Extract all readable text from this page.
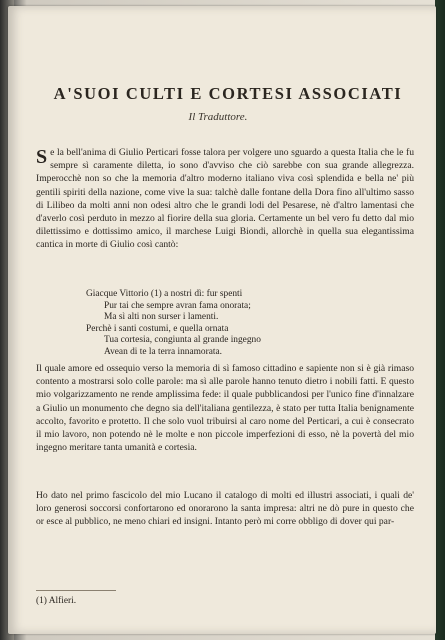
A'SUOI CULTI E CORTESI ASSOCIATI
Il Traduttore.

Se la bell'anima di Giulio Perticari fosse talora per volgere uno sguardo a questa Italia che le fu sempre sì caramente diletta, io sono d'avviso che ciò sarebbe con sua grande allegrezza. Imperocchè non so che la memoria d'altro moderno italiano viva così splendida e bella ne' più gentili spiriti della nazione, come vive la sua: talchè dalle fontane della Dora fino all'ultimo sasso di Lilibeo da molti anni non odesi altro che le grandi lodi del Pesarese, nè d'altro lamentasi che d'averlo così perduto in mezzo al fiorire della sua gloria. Certamente un bel vero fu detto dal mio dilettissimo e dottissimo amico, il marchese Luigi Biondi, allorchè in quella sua elegantissima cantica in morte di Giulio così cantò:

Giacque Vittorio (1) a nostri dì: fur spenti
Pur tai che sempre avran fama onorata;
Ma sì alti non surser i lamenti.
Perchè i santi costumi, e quella ornata
Tua cortesia, congiunta al grande ingegno
Avean di te la terra innamorata.

Il quale amore ed ossequio verso la memoria di sì famoso cittadino e sapiente non si è già rimaso contento a mostrarsi solo colle parole: ma sì alle parole hanno tenuto dietro i nobili fatti. E questo mio volgarizzamento ne rende amplissima fede: il quale pubblicandosi per l'unico fine d'innalzare a Giulio un monumento che degno sia dell'italiana gentilezza, è stato per tutta Italia benignamente accolto, favorito e protetto. Il che solo vuol tribuirsi al caro nome del Perticari, a cui è consecrato il mio lavoro, non potendo nè le molte e non piccole imperfezioni di esso, nè la povertà del mio ingegno meritare tanta umanità e cortesia.

Ho dato nel primo fascicolo del mio Lucano il catalogo di molti ed illustri associati, i quali de' loro generosi soccorsi confortarono ed onorarono la santa impresa: altri ne dò pure in questo che or esce al pubblico, ne meno chiari ed insigni. Intanto però mi corre obbligo di dover qui par-

(1) Alfieri.
